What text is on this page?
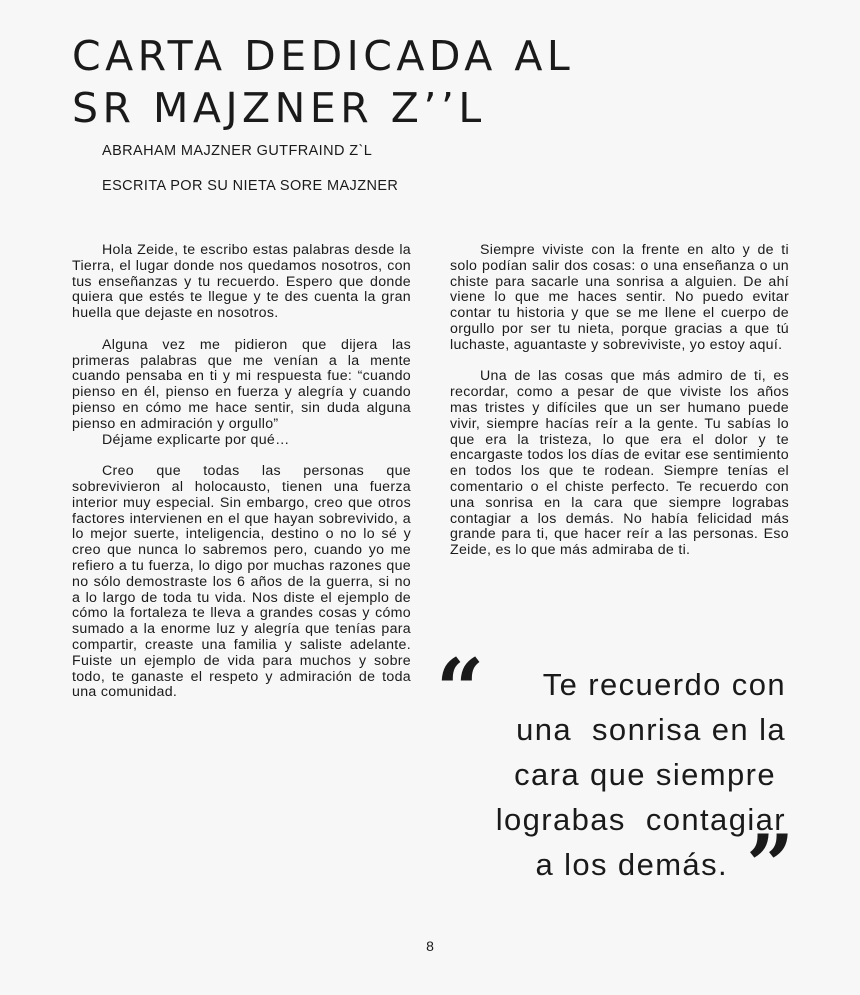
CARTA DEDICADA AL
SR MAJZNER Z’’L
ABRAHAM MAJZNER GUTFRAIND Z`L
ESCRITA POR SU NIETA SORE MAJZNER

Hola Zeide, te escribo estas palabras desde la Tierra, el lugar donde nos quedamos nosotros, con tus enseñanzas y tu recuerdo. Espero que donde quiera que estés te llegue y te des cuenta la gran huella que dejaste en nosotros.

Alguna vez me pidieron que dijera las primeras palabras que me venían a la mente cuando pensaba en ti y mi respuesta fue: “cuando pienso en él, pienso en fuerza y alegría y cuando pienso en cómo me hace sentir, sin duda alguna pienso en admiración y orgullo”

Déjame explicarte por qué…

Creo que todas las personas que sobrevivieron al holocausto, tienen una fuerza interior muy especial. Sin embargo, creo que otros factores intervienen en el que hayan sobrevivido, a lo mejor suerte, inteligencia, destino o no lo sé y creo que nunca lo sabremos pero, cuando yo me refiero a tu fuerza, lo digo por muchas razones que no sólo demostraste los 6 años de la guerra, si no a lo largo de toda tu vida. Nos diste el ejemplo de cómo la fortaleza te lleva a grandes cosas y cómo sumado a la enorme luz y alegría que tenías para compartir, creaste una familia y saliste adelante. Fuiste un ejemplo de vida para muchos y sobre todo, te ganaste el respeto y admiración de toda una comunidad.

Siempre viviste con la frente en alto y de ti solo podían salir dos cosas: o una enseñanza o un chiste para sacarle una sonrisa a alguien. De ahí viene lo que me haces sentir. No puedo evitar contar tu historia y que se me llene el cuerpo de orgullo por ser tu nieta, porque gracias a que tú luchaste, aguantaste y sobreviviste, yo estoy aquí.

Una de las cosas que más admiro de ti, es recordar, como a pesar de que viviste los años mas tristes y difíciles que un ser humano puede vivir, siempre hacías reír a la gente. Tu sabías lo que era la tristeza, lo que era el dolor y te encargaste todos los días de evitar ese sentimiento en todos los que te rodean. Siempre tenías el comentario o el chiste perfecto. Te recuerdo con una sonrisa en la cara que siempre lograbas contagiar a los demás. No había felicidad más grande para ti, que hacer reír a las personas. Eso Zeide, es lo que más admiraba de ti.

“	Te recuerdo con
una  sonrisa en la
cara que siempre
lograbas  contagiar
a los demás. ”
8
